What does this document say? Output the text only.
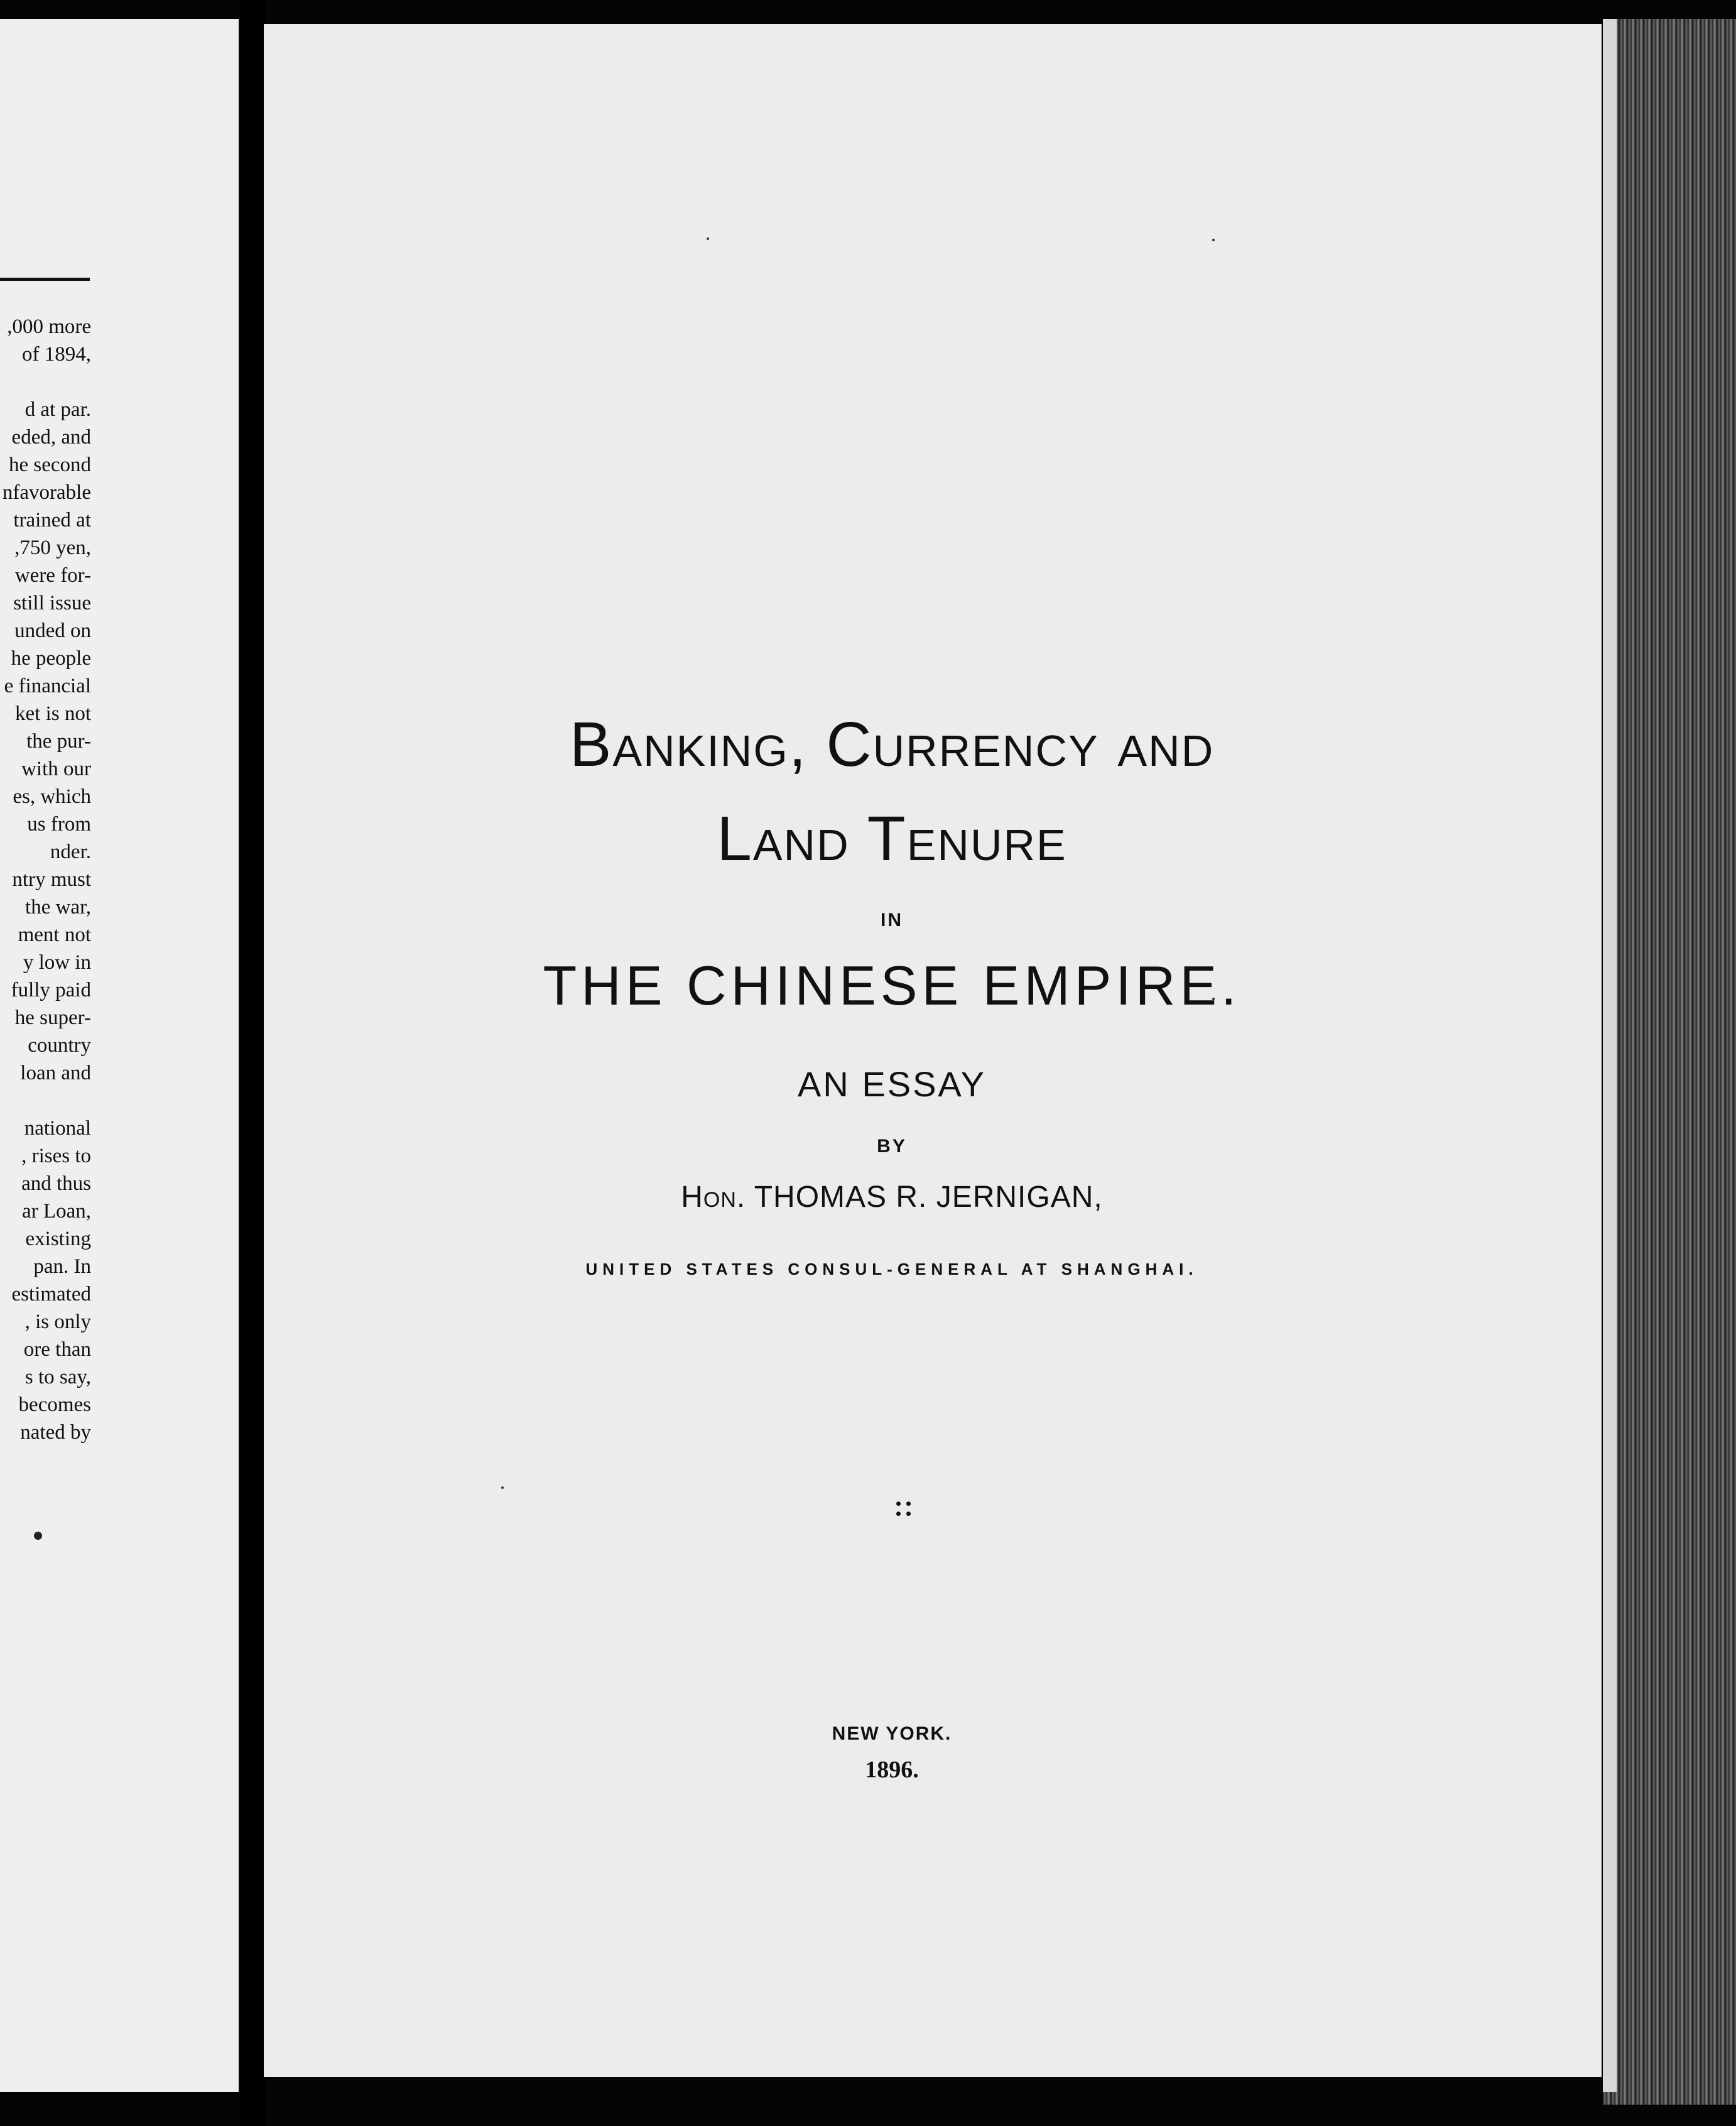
,000 more
of 1894,

d at par.
eded, and
he second
nfavorable
trained at
,750 yen,
were for-
still issue
unded on
he people
e financial
ket is not
the pur-
with our
es, which
us from
nder.
ntry must
the war,
ment not
y low in
fully paid
he super-
country
loan and

national
, rises to
and thus
ar Loan,
existing
pan. In
estimated
, is only
ore than
s to say,
becomes
nated by
Banking, Currency and
Land Tenure
IN
THE CHINESE EMPIRE.
AN ESSAY
BY
Hon. THOMAS R. JERNIGAN,
UNITED STATES CONSUL-GENERAL AT SHANGHAI.
NEW YORK.
1896.
